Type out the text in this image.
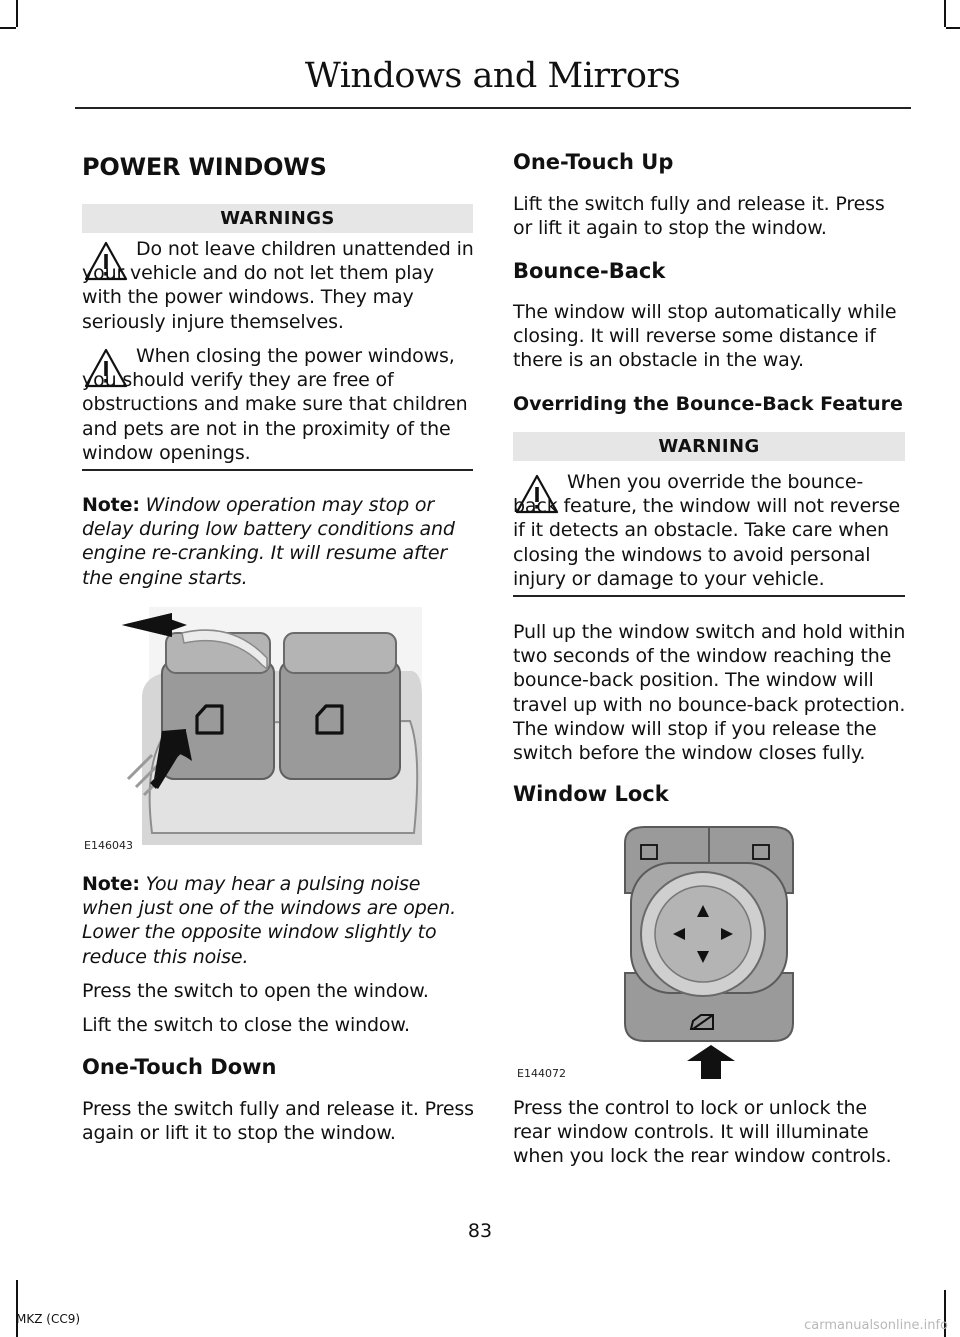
Windows and Mirrors
POWER WINDOWS
WARNINGS

Do not leave children unattended in your vehicle and do not let them play with the power windows. They may seriously injure themselves.

When closing the power windows, you should verify they are free of obstructions and make sure that children and pets are not in the proximity of the window openings.

Note: Window operation may stop or delay during low battery conditions and engine re-cranking. It will resume after the engine starts.

E146043

Note: You may hear a pulsing noise when just one of the windows are open. Lower the opposite window slightly to reduce this noise.

Press the switch to open the window.

Lift the switch to close the window.

One-Touch Down

Press the switch fully and release it. Press again or lift it to stop the window.

One-Touch Up

Lift the switch fully and release it. Press or lift it again to stop the window.

Bounce-Back

The window will stop automatically while closing. It will reverse some distance if there is an obstacle in the way.

Overriding the Bounce-Back Feature
WARNING

When you override the bounce-back feature, the window will not reverse if it detects an obstacle. Take care when closing the windows to avoid personal injury or damage to your vehicle.

Pull up the window switch and hold within two seconds of the window reaching the bounce-back position. The window will travel up with no bounce-back protection. The window will stop if you release the switch before the window closes fully.

Window Lock
E144072

Press the control to lock or unlock the rear window controls. It will illuminate when you lock the rear window controls.

83
MKZ (CC9)	carmanualsonline.info
